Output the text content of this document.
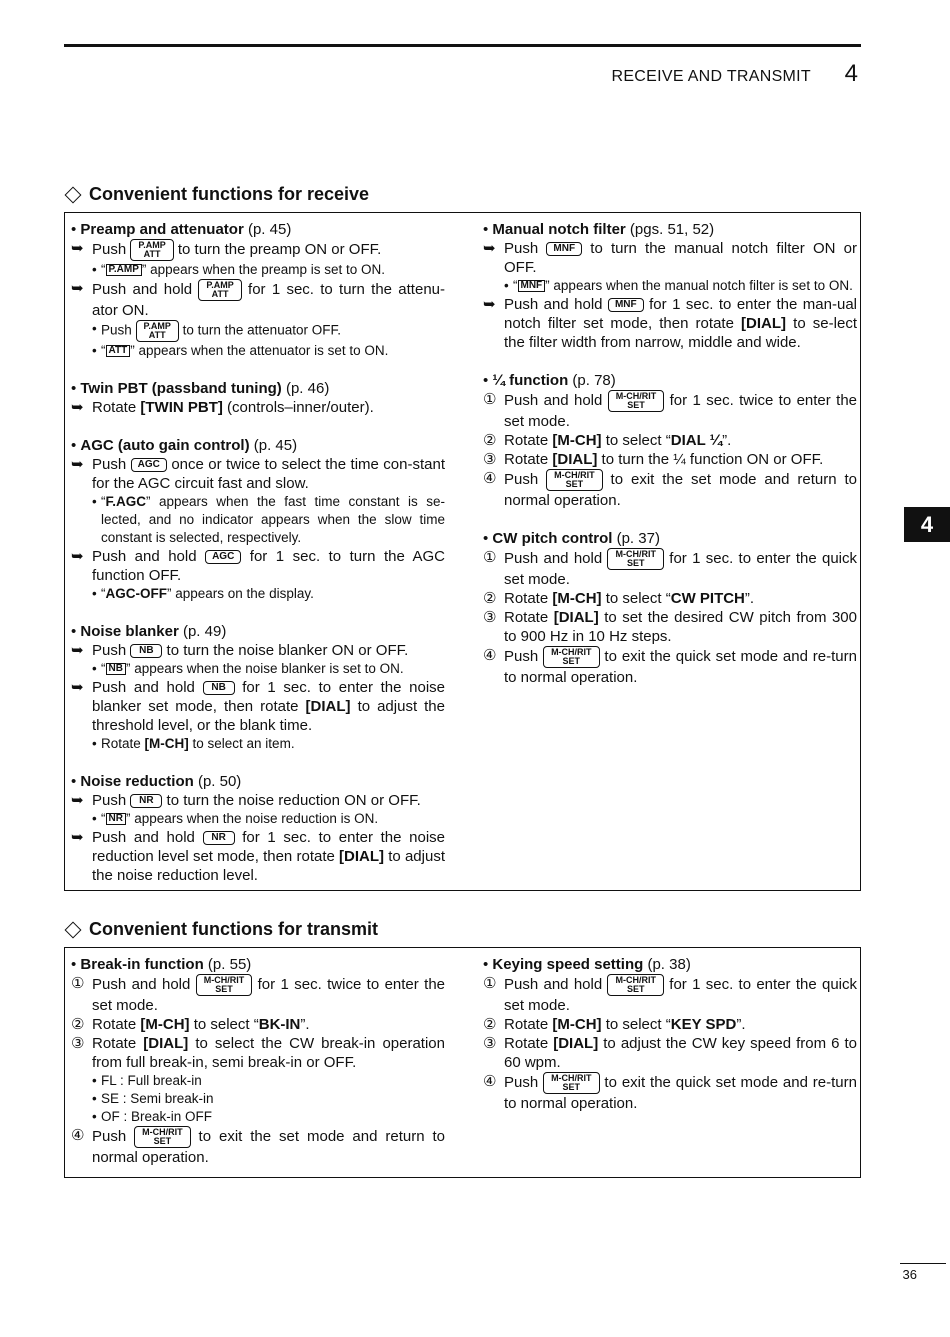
RECEIVE AND TRANSMIT 4
4
Convenient functions for receive
• Preamp and attenuator (p. 45)
➥ Push P.AMP
ATT to turn the preamp ON or OFF.
• “ P.AMP ” appears when the preamp is set to ON.
➥ Push and hold P.AMP
ATT for 1 sec. to turn the attenu-ator ON.
• Push P.AMP
ATT to turn the attenuator OFF.
• “ ATT ” appears when the attenuator is set to ON.
• Twin PBT (passband tuning) (p. 46)
➥ Rotate [TWIN PBT] (controls–inner/outer).
• AGC (auto gain control) (p. 45)
➥ Push AGC once or twice to select the time con-stant for the AGC circuit fast and slow.
• “F.AGC” appears when the fast time constant is se-lected, and no indicator appears when the slow time constant is selected, respectively.
➥ Push and hold AGC for 1 sec. to turn the AGC function OFF.
• “AGC-OFF” appears on the display.
• Noise blanker (p. 49)
➥ Push NB to turn the noise blanker ON or OFF.
• “ NB ” appears when the noise blanker is set to ON.
➥ Push and hold NB for 1 sec. to enter the noise blanker set mode, then rotate [DIAL] to adjust the threshold level, or the blank time.
• Rotate [M-CH] to select an item.
• Noise reduction (p. 50)
➥ Push NR to turn the noise reduction ON or OFF.
• “ NR ” appears when the noise reduction is ON.
➥ Push and hold NR for 1 sec. to enter the noise reduction level set mode, then rotate [DIAL] to adjust the noise reduction level.
• Manual notch filter (pgs. 51, 52)
➥ Push MNF to turn the manual notch filter ON or OFF.
• “ MNF ” appears when the manual notch filter is set to ON.
➥ Push and hold MNF for 1 sec. to enter the man-ual notch filter set mode, then rotate [DIAL] to se-lect the filter width from narrow, middle and wide.
• ¼ function (p. 78)
① Push and hold M-CH/RIT
SET	for 1 sec. twice to enter the set mode.
② Rotate [M-CH] to select “DIAL ¼”.
③ Rotate [DIAL] to turn the ¼ function ON or OFF.
④ Push M-CH/RIT
SET	to exit the set mode and return to normal operation.
• CW pitch control (p. 37)
① Push and hold M-CH/RIT
SET	for 1 sec. to enter the quick set mode.
② Rotate [M-CH] to select “CW PITCH”.
③ Rotate [DIAL] to set the desired CW pitch from 300 to 900 Hz in 10 Hz steps.
④ Push M-CH/RIT
SET	to exit the quick set mode and re-turn to normal operation.
Convenient functions for transmit
• Break-in function (p. 55)
① Push and hold M-CH/RIT
SET	for 1 sec. twice to enter the set mode.
② Rotate [M-CH] to select “BK-IN”.
③ Rotate [DIAL] to select the CW break-in operation from full break-in, semi break-in or OFF.
• FL : Full break-in
• SE : Semi break-in
• OF : Break-in OFF
④ Push M-CH/RIT
SET	to exit the set mode and return to normal operation.
• Keying speed setting (p. 38)
① Push and hold M-CH/RIT
SET	for 1 sec. to enter the quick set mode.
② Rotate [M-CH] to select “KEY SPD”.
③ Rotate [DIAL] to adjust the CW key speed from 6 to 60 wpm.
④ Push M-CH/RIT
SET	to exit the quick set mode and re-turn to normal operation.
36
